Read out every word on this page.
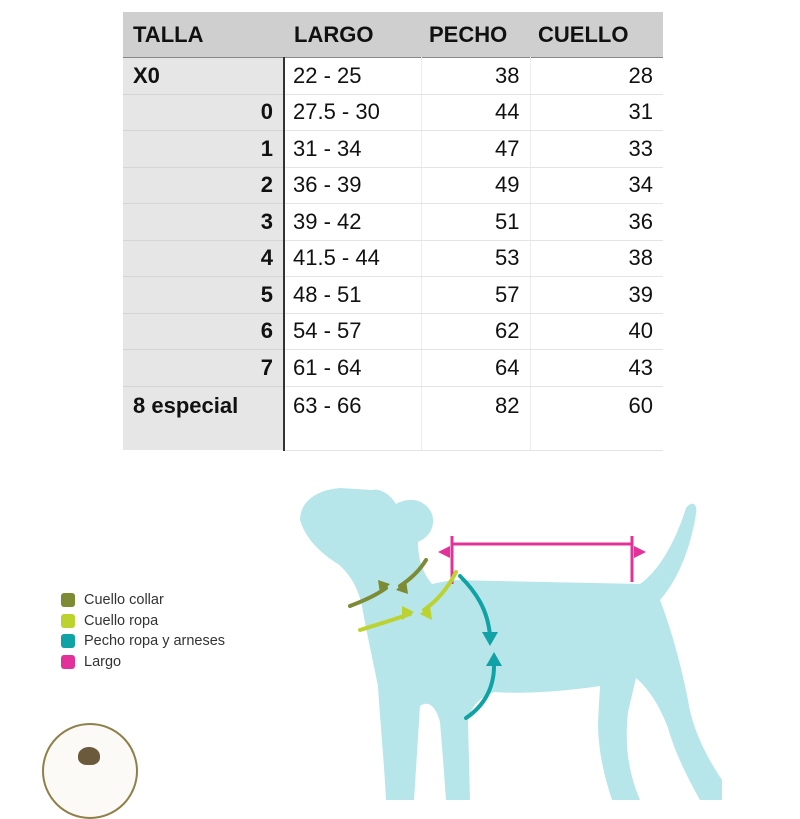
TALLA	LARGO	PECHO	CUELLO
X0	22 - 25	38	28
0	27.5 - 30	44	31
1	31 - 34	47	33
2	36 - 39	49	34
3	39 - 42	51	36
4	41.5 - 44	53	38
5	48 - 51	57	39
6	54 - 57	62	40
7	61 - 64	64	43
8 especial	63 - 66	82	60
Cuello collar
Cuello ropa
Pecho ropa y arneses
Largo
